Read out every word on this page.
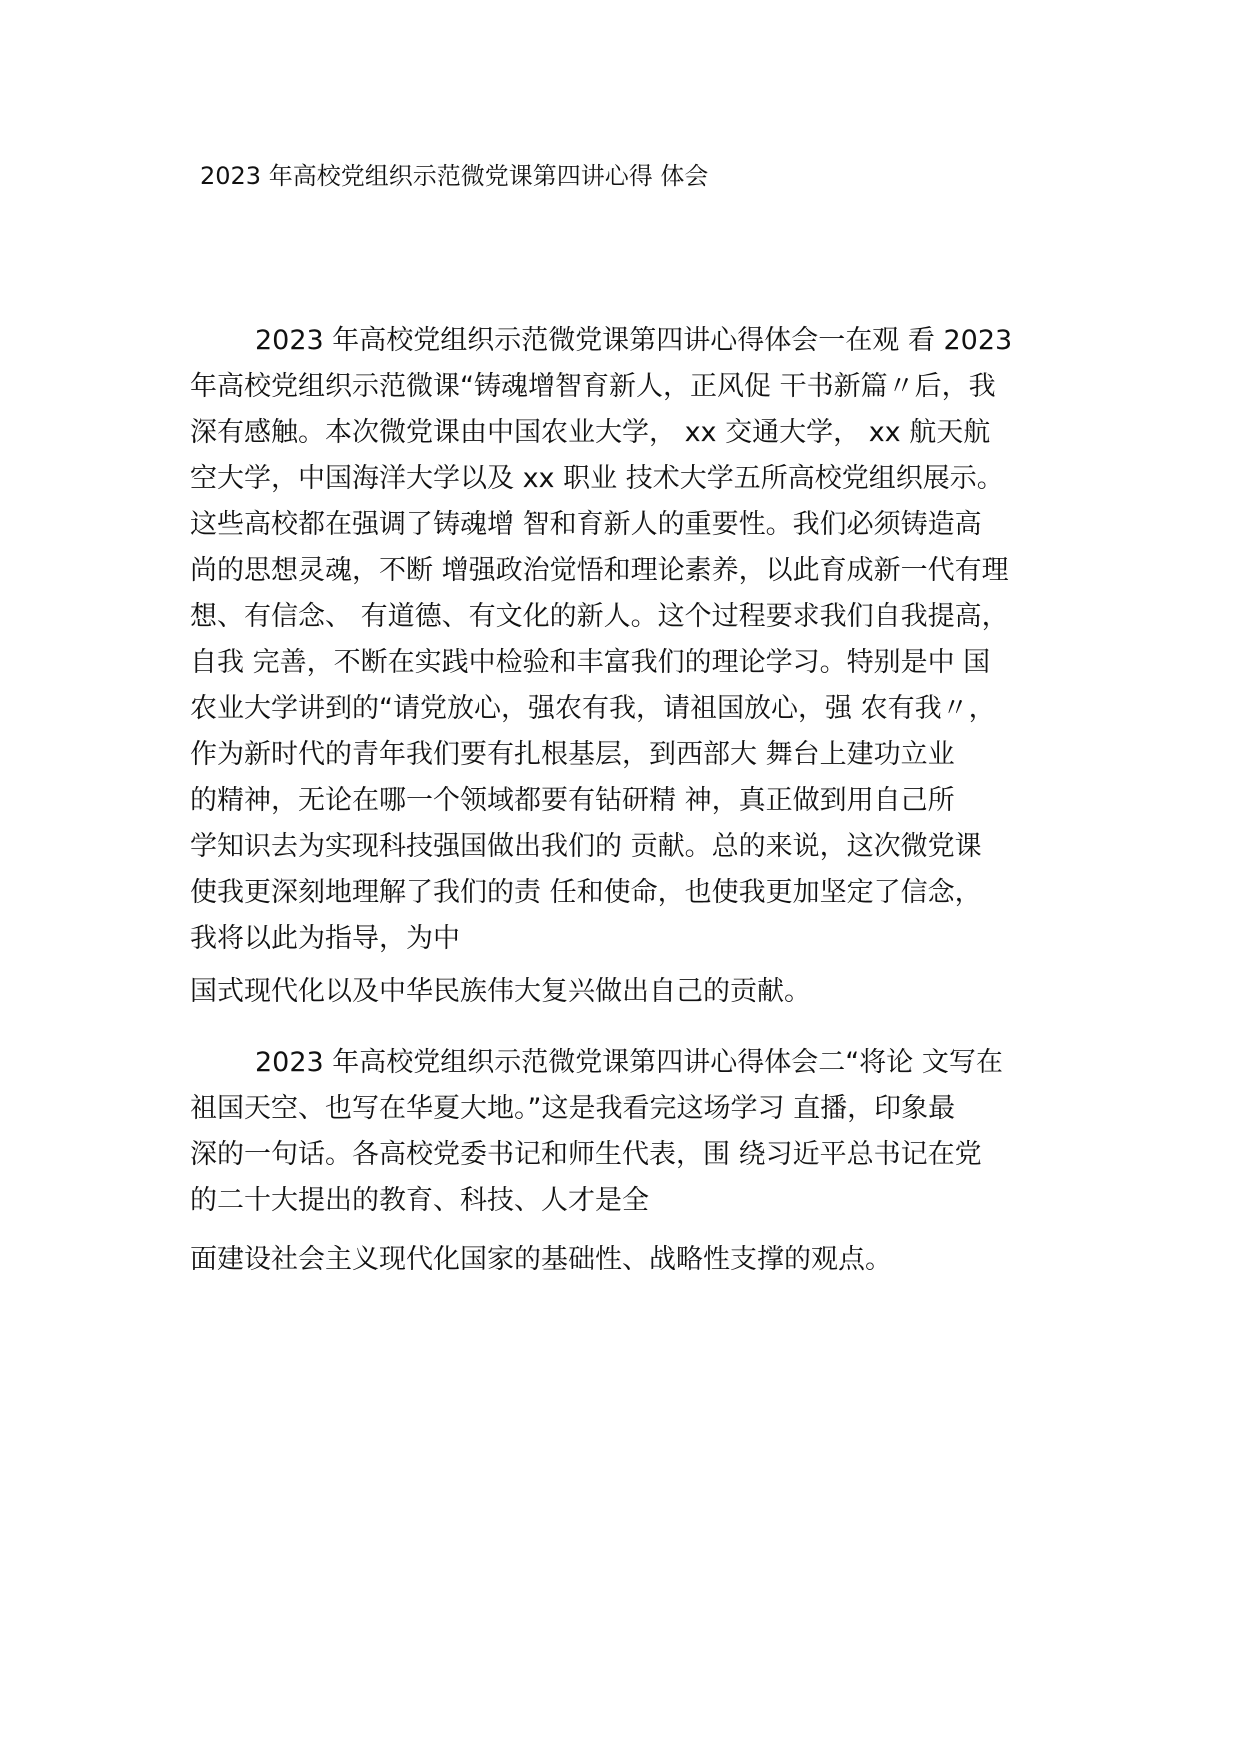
2023 年高校党组织示范微党课第四讲心得 体会
2023 年高校党组织示范微党课第四讲心得体会一在观 看 2023
年高校党组织示范微课“铸魂增智育新人，正风促 干书新篇〃后，我
深有感触。本次微党课由中国农业大学， xx 交通大学， xx 航天航
空大学，中国海洋大学以及 xx 职业 技术大学五所高校党组织展示。
这些高校都在强调了铸魂增 智和育新人的重要性。我们必须铸造高
尚的思想灵魂，不断 增强政治觉悟和理论素养，以此育成新一代有理
想、有信念、 有道德、有文化的新人。这个过程要求我们自我提高，
自我 完善，不断在实践中检验和丰富我们的理论学习。特别是中 国
农业大学讲到的“请党放心，强农有我，请祖国放心，强 农有我〃，
作为新时代的青年我们要有扎根基层，到西部大 舞台上建功立业
的精神，无论在哪一个领域都要有钻研精 神，真正做到用自己所
学知识去为实现科技强国做出我们的 贡献。总的来说，这次微党课
使我更深刻地理解了我们的责 任和使命，也使我更加坚定了信念，
我将以此为指导，为中
国式现代化以及中华民族伟大复兴做出自己的贡献。
2023 年高校党组织示范微党课第四讲心得体会二“将论 文写在
祖国天空、也写在华夏大地。”这是我看完这场学习 直播，印象最
深的一句话。各高校党委书记和师生代表，围 绕习近平总书记在党
的二十大提出的教育、科技、人才是全
面建设社会主义现代化国家的基础性、战略性支撑的观点。
